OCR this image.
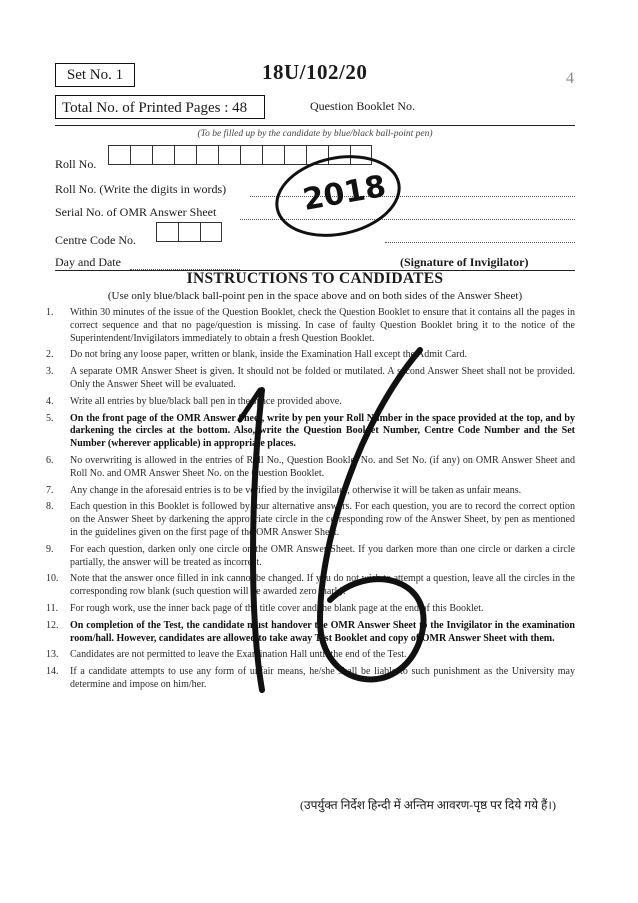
Set No. 1	18U/102/20	4
Total No. of Printed Pages : 48	Question Booklet No.
(To be filled up by the candidate by blue/black ball-point pen)
Roll No.
Roll No. (Write the digits in words)
Serial No. of OMR Answer Sheet
Centre Code No.
Day and Date	(Signature of Invigilator)
INSTRUCTIONS TO CANDIDATES
(Use only blue/black ball-point pen in the space above and on both sides of the Answer Sheet)
1.	Within 30 minutes of the issue of the Question Booklet, check the Question Booklet to ensure that it contains all the pages in correct sequence and that no page/question is missing. In case of faulty Question Booklet bring it to the notice of the Superintendent/Invigilators immediately to obtain a fresh Question Booklet.
2.	Do not bring any loose paper, written or blank, inside the Examination Hall except the Admit Card.
3.	A separate OMR Answer Sheet is given. It should not be folded or mutilated. A second Answer Sheet shall not be provided. Only the Answer Sheet will be evaluated.
4.	Write all entries by blue/black ball pen in the space provided above.
5.	On the front page of the OMR Answer Sheet, write by pen your Roll Number in the space provided at the top, and by darkening the circles at the bottom. Also, write the Question Booklet Number, Centre Code Number and the Set Number (wherever applicable) in appropriate places.
6.	No overwriting is allowed in the entries of Roll No., Question Booklet No. and Set No. (if any) on OMR Answer Sheet and Roll No. and OMR Answer Sheet No. on the Question Booklet.
7.	Any change in the aforesaid entries is to be verified by the invigilator, otherwise it will be taken as unfair means.
8.	Each question in this Booklet is followed by four alternative answers. For each question, you are to record the correct option on the Answer Sheet by darkening the appropriate circle in the corresponding row of the Answer Sheet, by pen as mentioned in the guidelines given on the first page of the OMR Answer Sheet.
9.	For each question, darken only one circle on the OMR Answer Sheet. If you darken more than one circle or darken a circle partially, the answer will be treated as incorrect.
10.	Note that the answer once filled in ink cannot be changed. If you do not wish to attempt a question, leave all the circles in the corresponding row blank (such question will be awarded zero mark).
11.	For rough work, use the inner back page of the title cover and the blank page at the end of this Booklet.
12.	On completion of the Test, the candidate must handover the OMR Answer Sheet to the Invigilator in the examination room/hall. However, candidates are allowed to take away Test Booklet and copy of OMR Answer Sheet with them.
13.	Candidates are not permitted to leave the Examination Hall until the end of the Test.
14.	If a candidate attempts to use any form of unfair means, he/she shall be liable to such punishment as the University may determine and impose on him/her.
(उपर्युक्त निर्देश हिन्दी में अन्तिम आवरण-पृष्ठ पर दिये गये हैं।)
2018
16
